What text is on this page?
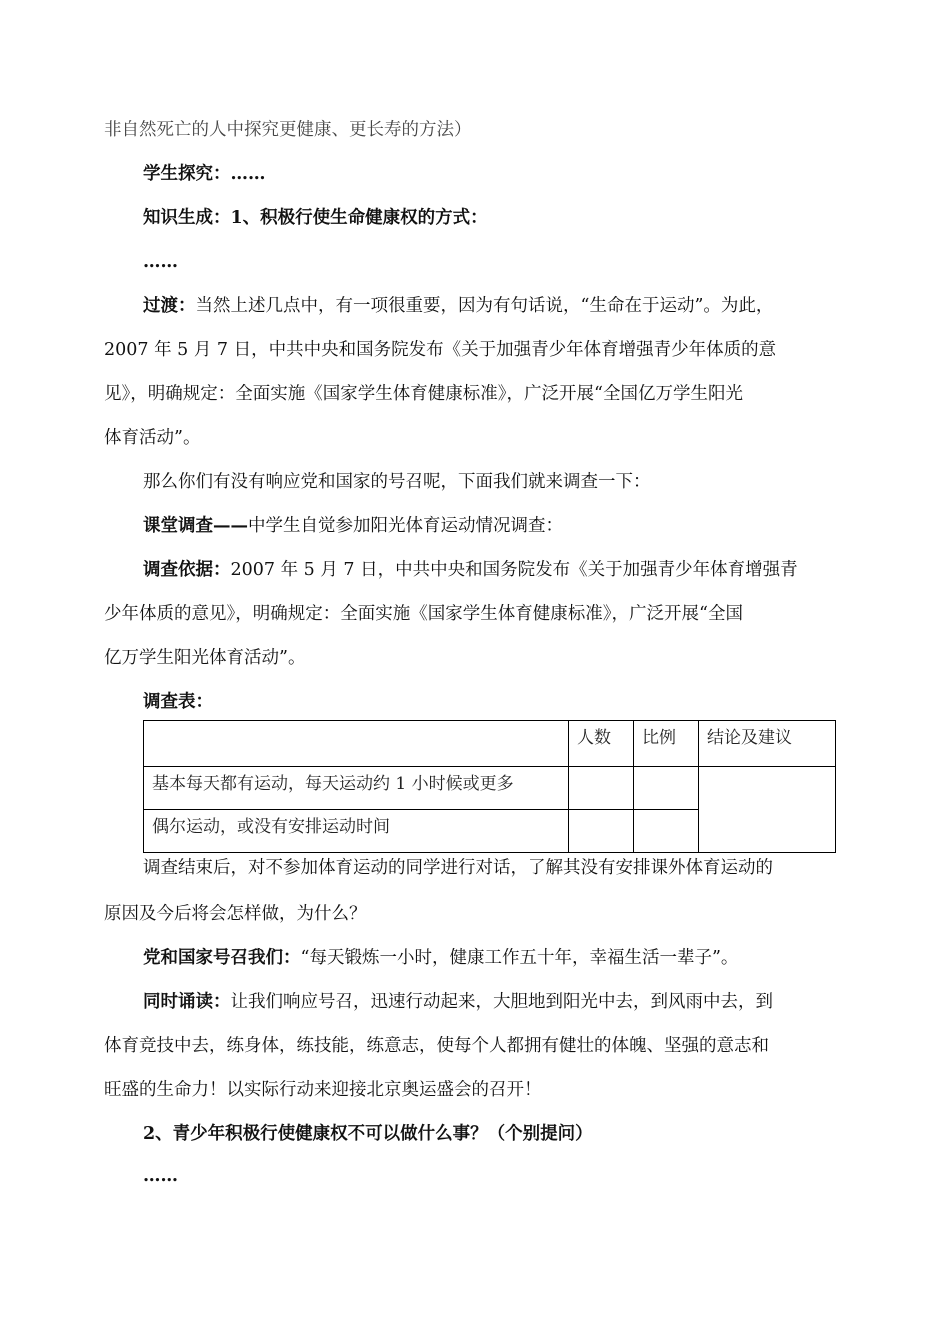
非自然死亡的人中探究更健康、更长寿的方法）
学生探究：……
知识生成：1、积极行使生命健康权的方式：
……
过渡：当然上述几点中，有一项很重要，因为有句话说，“生命在于运动”。为此，
2007 年 5 月 7 日，中共中央和国务院发布《关于加强青少年体育增强青少年体质的意
见》，明确规定：全面实施《国家学生体育健康标准》，广泛开展“全国亿万学生阳光
体育活动”。
那么你们有没有响应党和国家的号召呢，下面我们就来调查一下：
课堂调查——中学生自觉参加阳光体育运动情况调查：
调查依据：2007 年 5 月 7 日，中共中央和国务院发布《关于加强青少年体育增强青
少年体质的意见》，明确规定：全面实施《国家学生体育健康标准》，广泛开展“全国
亿万学生阳光体育活动”。
调查表：
	人数	比例	结论及建议
基本每天都有运动，每天运动约 1 小时候或更多			
偶尔运动，或没有安排运动时间			
调查结束后，对不参加体育运动的同学进行对话，了解其没有安排课外体育运动的
原因及今后将会怎样做，为什么？
党和国家号召我们：“每天锻炼一小时，健康工作五十年，幸福生活一辈子”。
同时诵读：让我们响应号召，迅速行动起来，大胆地到阳光中去，到风雨中去，到
体育竞技中去，练身体，练技能，练意志，使每个人都拥有健壮的体魄、坚强的意志和
旺盛的生命力！以实际行动来迎接北京奥运盛会的召开！
2、青少年积极行使健康权不可以做什么事？（个别提问）
……
